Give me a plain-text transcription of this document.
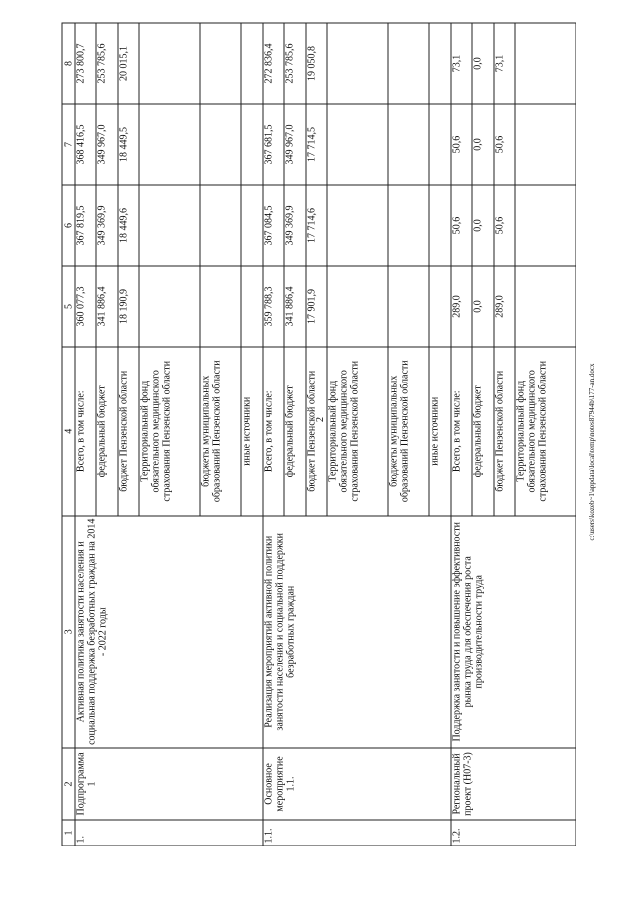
2
1	2	3	4	5	6	7	8
1.	Подпрограмма 1	Активная политика занятости населения и социальная поддержка безработных граждан на 2014 - 2022 годы	Всего, в том числе:	360 077,3	367 819,5	368 416,5	273 800,7
			федеральный бюджет	341 886,4	349 369,9	349 967,0	253 785,6
			бюджет Пензенской области	18 190,9	18 449,6	18 449,5	20 015,1
			Территориальный фонд обязательного медицинского страхования Пензенской области				
			бюджеты муниципальных образований Пензенской области				
			иные источники				
1.1.	Основное мероприятие 1.1.	Реализация мероприятий активной политики занятости населения и социальной поддержки безработных граждан	Всего, в том числе:	359 788,3	367 084,5	367 681,5	272 836,4
			федеральный бюджет	341 886,4	349 369,9	349 967,0	253 785,6
			бюджет Пензенской области	17 901,9	17 714,6	17 714,5	19 050,8
			Территориальный фонд обязательного медицинского страхования Пензенской области				
			бюджеты муниципальных образований Пензенской области				
			иные источники				
1.2.	Региональный проект (Н07-3)	Поддержка занятости и повышение эффективности рынка труда для обеспечения роста производительности труда	Всего, в том числе:	289,0	50,6	50,6	73,1
			федеральный бюджет	0,0	0,0	0,0	0,0
			бюджет Пензенской области	289,0	50,6	50,6	73,1
			Территориальный фонд обязательного медицинского страхования Пензенской области					c:\users\kozeb~1\appdata\local\temp\notes87944b\177-an.docx
